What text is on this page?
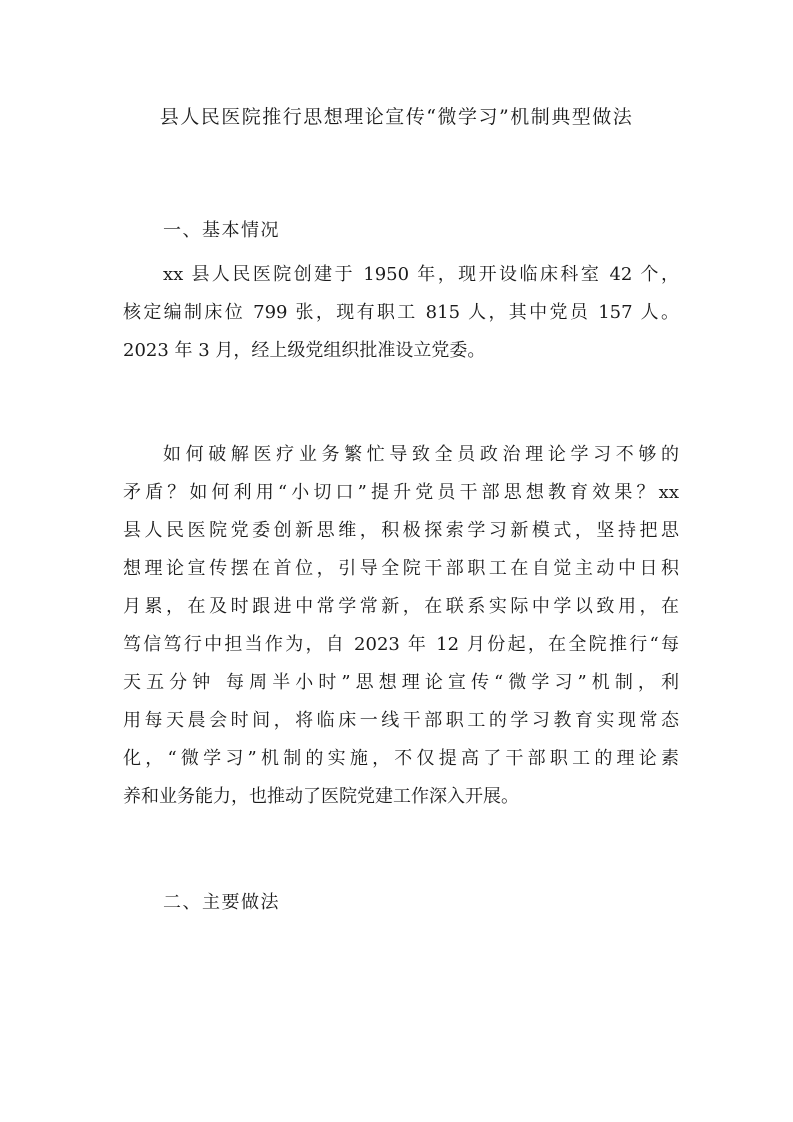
县人民医院推行思想理论宣传“微学习”机制典型做法
一、基本情况
xx 县人民医院创建于 1950 年，现开设临床科室 42 个，
核定编制床位 799 张，现有职工 815 人，其中党员 157 人。
2023 年 3 月，经上级党组织批准设立党委。
如何破解医疗业务繁忙导致全员政治理论学习不够的
矛盾？如何利用“小切口”提升党员干部思想教育效果？xx
县人民医院党委创新思维，积极探索学习新模式，坚持把思
想理论宣传摆在首位，引导全院干部职工在自觉主动中日积
月累，在及时跟进中常学常新，在联系实际中学以致用，在
笃信笃行中担当作为，自 2023 年 12 月份起，在全院推行“每
天五分钟 每周半小时”思想理论宣传“微学习”机制，利
用每天晨会时间，将临床一线干部职工的学习教育实现常态
化，“微学习”机制的实施，不仅提高了干部职工的理论素
养和业务能力，也推动了医院党建工作深入开展。
二、主要做法
